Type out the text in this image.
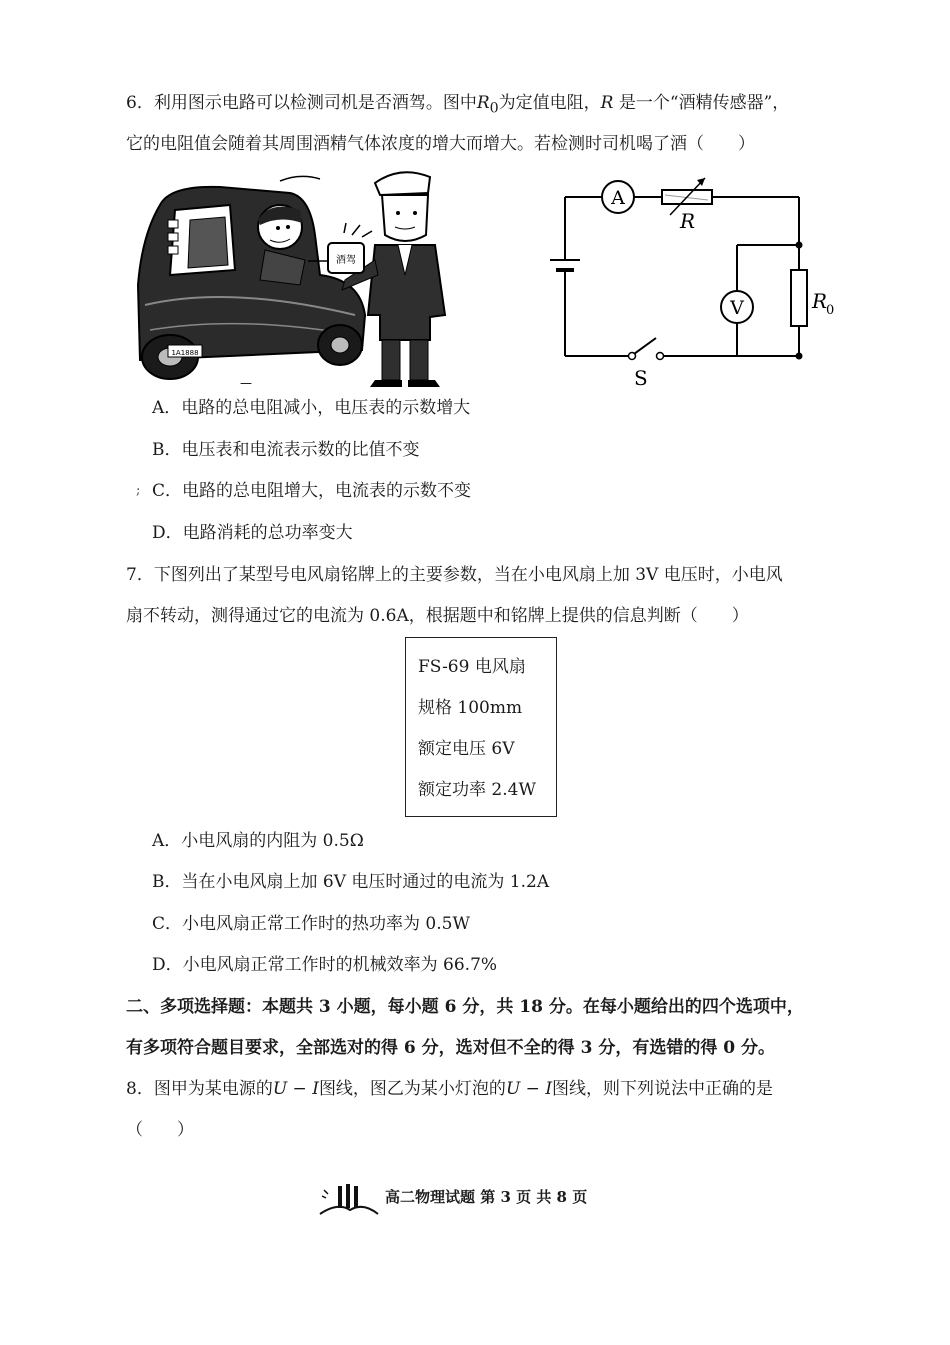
6．利用图示电路可以检测司机是否酒驾。图中$R_0$为定值电阻，R 是一个“酒精传感器”，
它的电阻值会随着其周围酒精气体浓度的增大而增大。若检测时司机喝了酒（　　）
1A1888
酒驾
—
A
R
R
0
V
S
A．电路的总电阻减小，电压表的示数增大
B．电压表和电流表示数的比值不变
; C．电路的总电阻增大，电流表的示数不变
D．电路消耗的总功率变大
7．下图列出了某型号电风扇铭牌上的主要参数，当在小电风扇上加 3V 电压时，小电风
扇不转动，测得通过它的电流为 0.6A，根据题中和铭牌上提供的信息判断（　　）
FS-69 电风扇
规格 100mm
额定电压 6V
额定功率 2.4W
A．小电风扇的内阻为 0.5Ω
B．当在小电风扇上加 6V 电压时通过的电流为 1.2A
C．小电风扇正常工作时的热功率为 0.5W
D．小电风扇正常工作时的机械效率为 66.7%
二、多项选择题：本题共 3 小题，每小题 6 分，共 18 分。在每小题给出的四个选项中，
有多项符合题目要求，全部选对的得 6 分，选对但不全的得 3 分，有选错的得 0 分。
8．图甲为某电源的U − I图线，图乙为某小灯泡的U − I图线，则下列说法中正确的是
（　　）
高二物理试题 第 3 页 共 8 页
